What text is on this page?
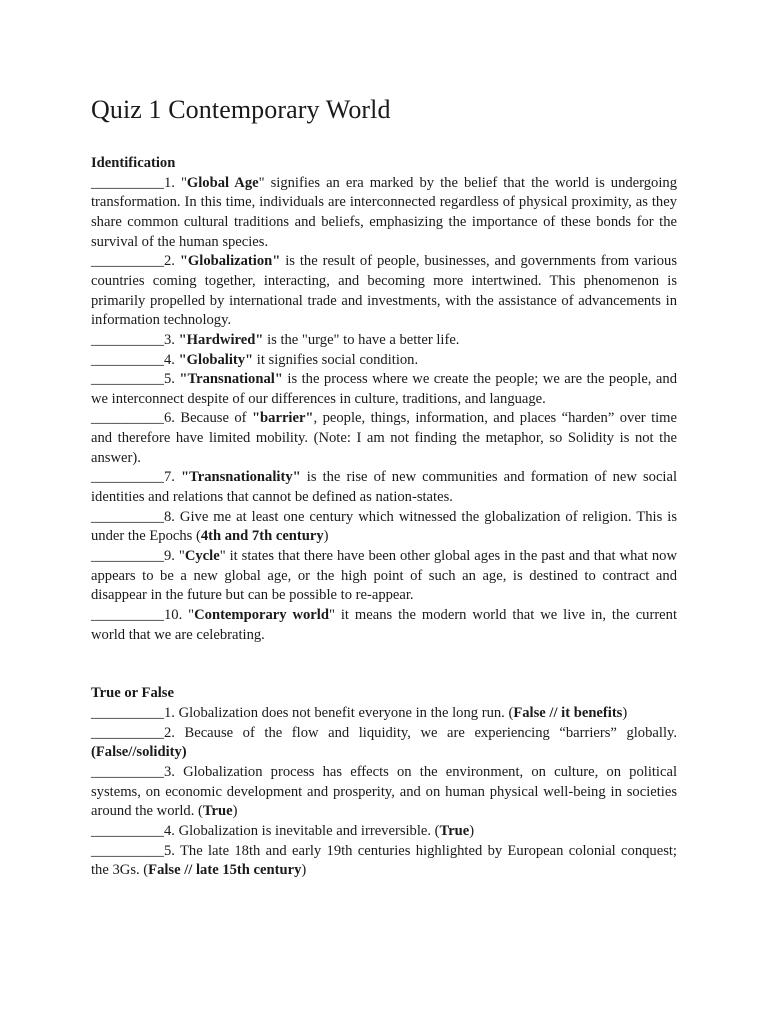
Quiz 1 Contemporary World

Identification

__________1. "Global Age" signifies an era marked by the belief that the world is undergoing transformation. In this time, individuals are interconnected regardless of physical proximity, as they share common cultural traditions and beliefs, emphasizing the importance of these bonds for the survival of the human species.

__________2. "Globalization" is the result of people, businesses, and governments from various countries coming together, interacting, and becoming more intertwined. This phenomenon is primarily propelled by international trade and investments, with the assistance of advancements in information technology.

__________3. "Hardwired" is the "urge" to have a better life.

__________4. "Globality" it signifies social condition.

__________5. "Transnational" is the process where we create the people; we are the people, and we interconnect despite of our differences in culture, traditions, and language.

__________6. Because of "barrier", people, things, information, and places “harden” over time and therefore have limited mobility. (Note: I am not finding the metaphor, so Solidity is not the answer).

__________7. "Transnationality" is the rise of new communities and formation of new social identities and relations that cannot be defined as nation-states.

__________8. Give me at least one century which witnessed the globalization of religion. This is under the Epochs (4th and 7th century)

__________9. "Cycle" it states that there have been other global ages in the past and that what now appears to be a new global age, or the high point of such an age, is destined to contract and disappear in the future but can be possible to re-appear.

__________10. "Contemporary world" it means the modern world that we live in, the current world that we are celebrating.

True or False

__________1. Globalization does not benefit everyone in the long run. (False // it benefits)

__________2. Because of the flow and liquidity, we are experiencing “barriers” globally. (False//solidity)

__________3. Globalization process has effects on the environment, on culture, on political systems, on economic development and prosperity, and on human physical well-being in societies around the world. (True)

__________4. Globalization is inevitable and irreversible. (True)

__________5. The late 18th and early 19th centuries highlighted by European colonial conquest; the 3Gs. (False // late 15th century)
